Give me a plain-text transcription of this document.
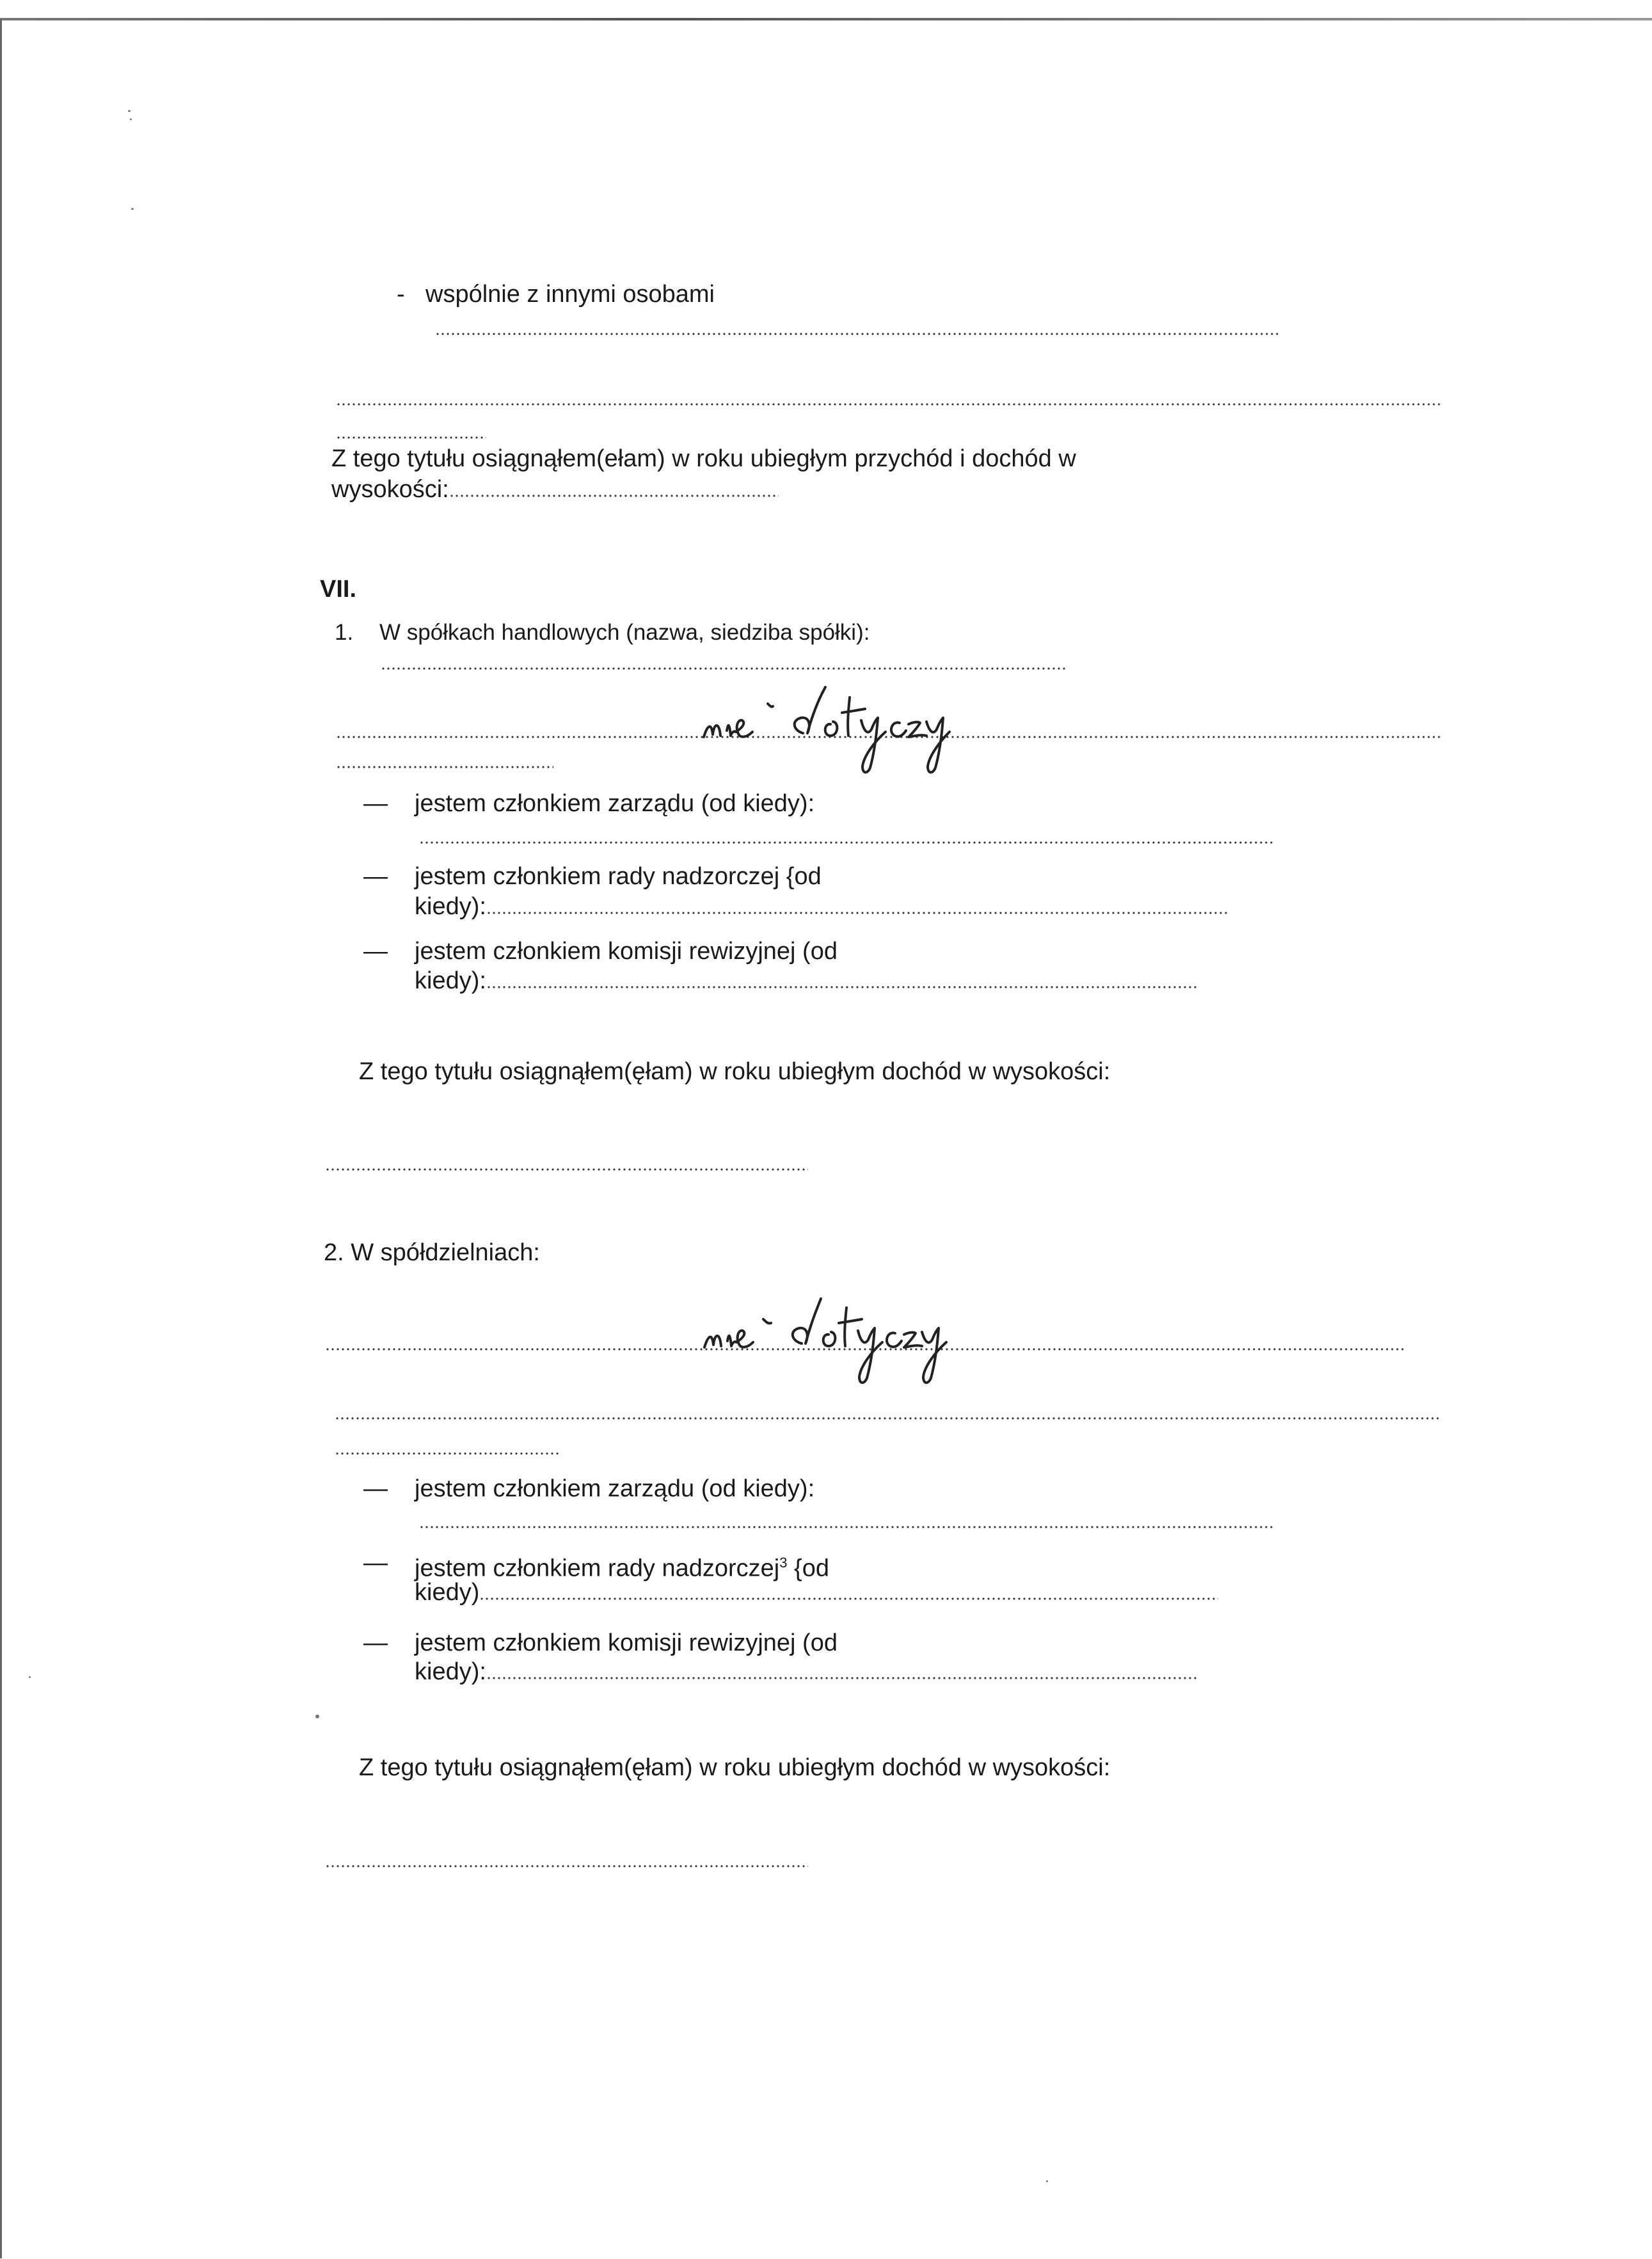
- wspólnie z innymi osobami
Z tego tytułu osiągnąłem(ełam) w roku ubiegłym przychód i dochód w
wysokości:
VII.
1. W spółkach handlowych (nazwa, siedziba spółki):
— jestem członkiem zarządu (od kiedy):
— jestem członkiem rady nadzorczej {od
kiedy):
— jestem członkiem komisji rewizyjnej (od
kiedy):
Z tego tytułu osiągnąłem(ęłam) w roku ubiegłym dochód w wysokości:
2. W spółdzielniach:
— jestem członkiem zarządu (od kiedy):
— jestem członkiem rady nadzorczej$^3$ {od
kiedy)
— jestem członkiem komisji rewizyjnej (od
kiedy):
Z tego tytułu osiągnąłem(ęłam) w roku ubiegłym dochód w wysokości:
